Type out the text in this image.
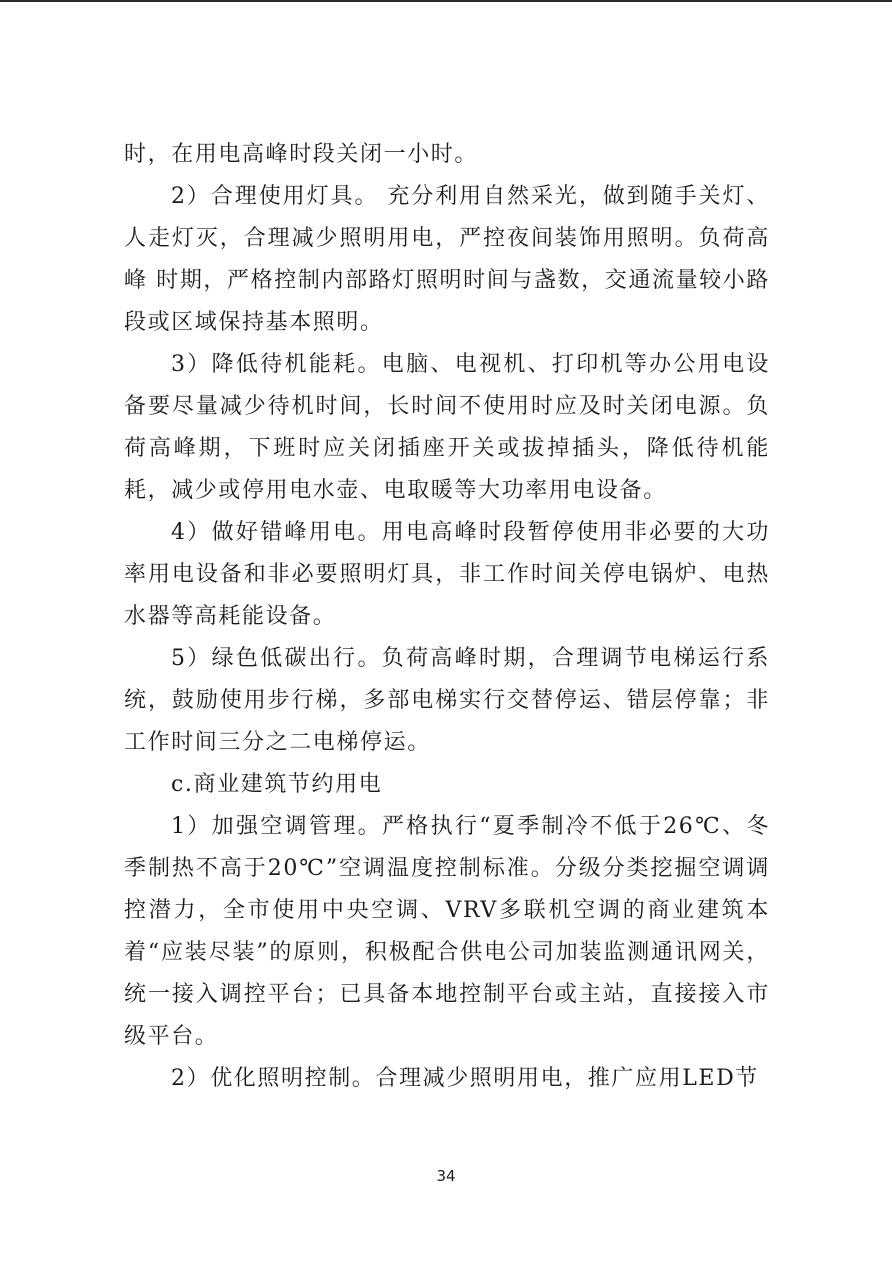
时，在用电高峰时段关闭一小时。

2）合理使用灯具。 充分利用自然采光，做到随手关灯、人走灯灭，合理减少照明用电，严控夜间装饰用照明。负荷高峰 时期，严格控制内部路灯照明时间与盏数，交通流量较小路段或区域保持基本照明。

3）降低待机能耗。电脑、电视机、打印机等办公用电设备要尽量减少待机时间，长时间不使用时应及时关闭电源。负荷高峰期，下班时应关闭插座开关或拔掉插头，降低待机能耗，减少或停用电水壶、电取暖等大功率用电设备。

4）做好错峰用电。用电高峰时段暂停使用非必要的大功率用电设备和非必要照明灯具，非工作时间关停电锅炉、电热水器等高耗能设备。

5）绿色低碳出行。负荷高峰时期，合理调节电梯运行系统，鼓励使用步行梯，多部电梯实行交替停运、错层停靠；非工作时间三分之二电梯停运。

c.商业建筑节约用电

1）加强空调管理。严格执行“夏季制冷不低于26℃、冬季制热不高于20℃”空调温度控制标准。分级分类挖掘空调调控潜力，全市使用中央空调、VRV多联机空调的商业建筑本着“应装尽装”的原则，积极配合供电公司加装监测通讯网关，统一接入调控平台；已具备本地控制平台或主站，直接接入市级平台。

2）优化照明控制。合理减少照明用电，推广应用LED节

34
